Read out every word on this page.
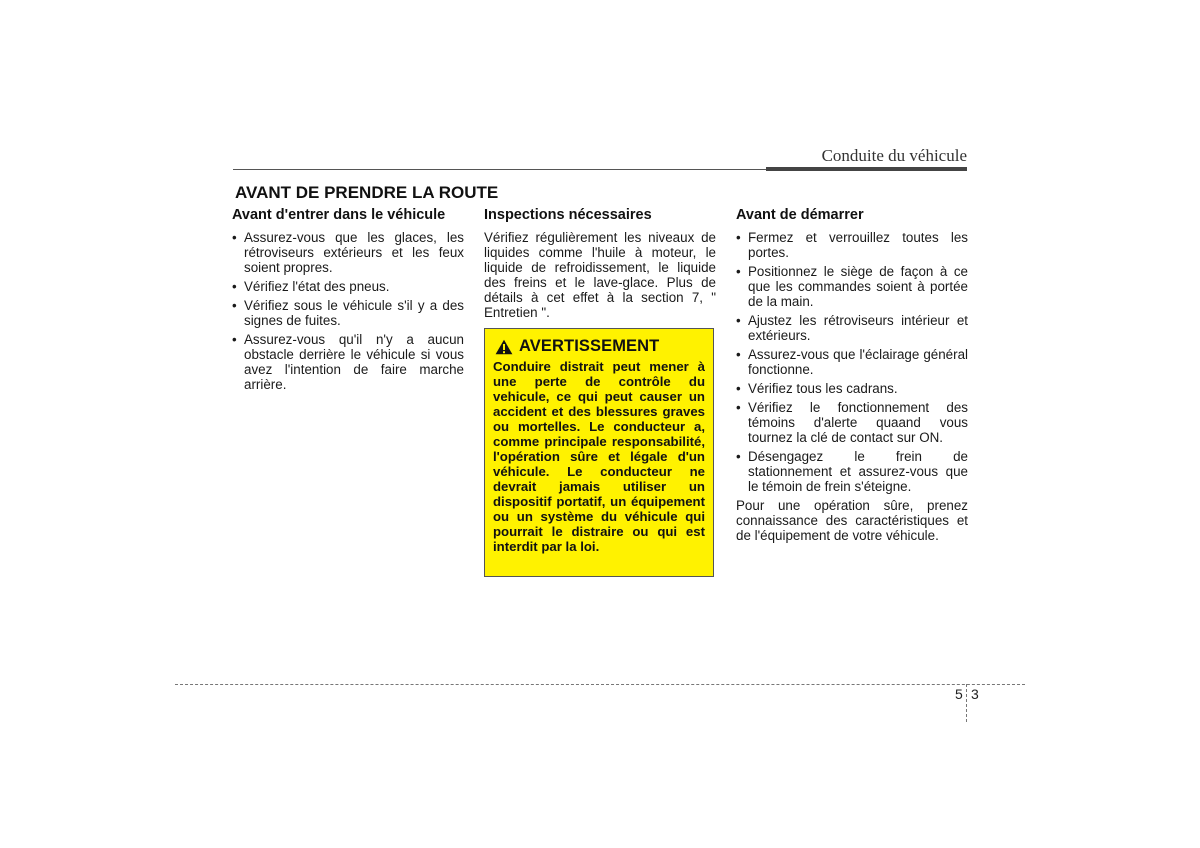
Conduite du véhicule
AVANT DE PRENDRE LA ROUTE
Avant d'entrer dans le véhicule
• Assurez-vous que les glaces, les rétroviseurs extérieurs et les feux soient propres.
• Vérifiez l'état des pneus.
• Vérifiez sous le véhicule s'il y a des signes de fuites.
• Assurez-vous qu'il n'y a aucun obstacle derrière le véhicule si vous avez l'intention de faire marche arrière.
Inspections nécessaires

Vérifiez régulièrement les niveaux de liquides comme l'huile à moteur, le liquide de refroidissement, le liquide des freins et le lave-glace. Plus de détails à cet effet à la section 7, " Entretien ".

AVERTISSEMENT
Conduire distrait peut mener à une perte de contrôle du vehicule, ce qui peut causer un accident et des blessures graves ou mortelles. Le conducteur a, comme principale responsabilité, l'opération sûre et légale d'un véhicule. Le conducteur ne devrait jamais utiliser un dispositif portatif, un équipement ou un système du véhicule qui pourrait le distraire ou qui est interdit par la loi.
Avant de démarrer
• Fermez et verrouillez toutes les portes.
• Positionnez le siège de façon à ce que les commandes soient à portée de la main.
• Ajustez les rétroviseurs intérieur et extérieurs.
• Assurez-vous que l'éclairage général fonctionne.
• Vérifiez tous les cadrans.
• Vérifiez le fonctionnement des témoins d'alerte quaand vous tournez la clé de contact sur ON.
• Désengagez le frein de stationnement et assurez-vous que le témoin de frein s'éteigne.

Pour une opération sûre, prenez connaissance des caractéristiques et de l'équipement de votre véhicule.

5 3
